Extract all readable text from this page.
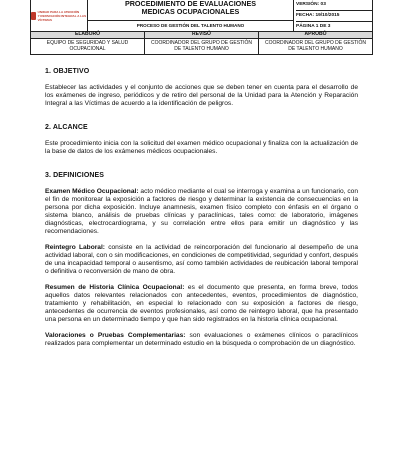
UNIDAD PARA LA ATENCIÓN
Y REPARACIÓN INTEGRAL A LAS VÍCTIMAS
PROCEDIMIENTO DE EVALUACIONES
MEDICAS OCUPACIONALES
PROCESO DE GESTIÓN DEL TALENTO HUMANO
VERSIÓN: 03
FECHA: 19/10/2015
PÁGINA 1 DE 3
ELABORÓ
EQUIPO DE SEGURIDAD Y SALUD OCUPACIONAL
REVISÓ
COORDINADOR DEL GRUPO DE GESTIÓN DE TALENTO HUMANO
APROBÓ
COORDINADOR DEL GRUPO DE GESTIÓN DE TALENTO HUMANO
1. OBJETIVO

Establecer las actividades y el conjunto de acciones que se deben tener en cuenta para el desarrollo de los exámenes de ingreso, periódicos y de retiro del personal de la Unidad para la Atención y Reparación Integral a las Víctimas de acuerdo a la identificación de peligros.

2. ALCANCE

Este procedimiento inicia con la solicitud del examen médico ocupacional y finaliza con la actualización de la base de datos de los exámenes médicos ocupacionales.

3. DEFINICIONES

Examen Médico Ocupacional: acto médico mediante el cual se interroga y examina a un funcionario, con el fin de monitorear la exposición a factores de riesgo y determinar la existencia de consecuencias en la persona por dicha exposición. Incluye anamnesis, examen físico completo con énfasis en el órgano o sistema blanco, análisis de pruebas clínicas y paraclínicas, tales como: de laboratorio, imágenes diagnósticas, electrocardiograma, y su correlación entre ellos para emitir un diagnóstico y las recomendaciones.

Reintegro Laboral: consiste en la actividad de reincorporación del funcionario al desempeño de una actividad laboral, con o sin modificaciones, en condiciones de competitividad, seguridad y confort, después de una incapacidad temporal o ausentismo, así como también actividades de reubicación laboral temporal o definitiva o reconversión de mano de obra.

Resumen de Historia Clínica Ocupacional: es el documento que presenta, en forma breve, todos aquellos datos relevantes relacionados con antecedentes, eventos, procedimientos de diagnóstico, tratamiento y rehabilitación, en especial lo relacionado con su exposición a factores de riesgo, antecedentes de ocurrencia de eventos profesionales, así como de reintegro laboral, que ha presentado una persona en un determinado tiempo y que han sido registrados en la historia clínica ocupacional.

Valoraciones o Pruebas Complementarias: son evaluaciones o exámenes clínicos o paraclínicos realizados para complementar un determinado estudio en la búsqueda o comprobación de un diagnóstico.
